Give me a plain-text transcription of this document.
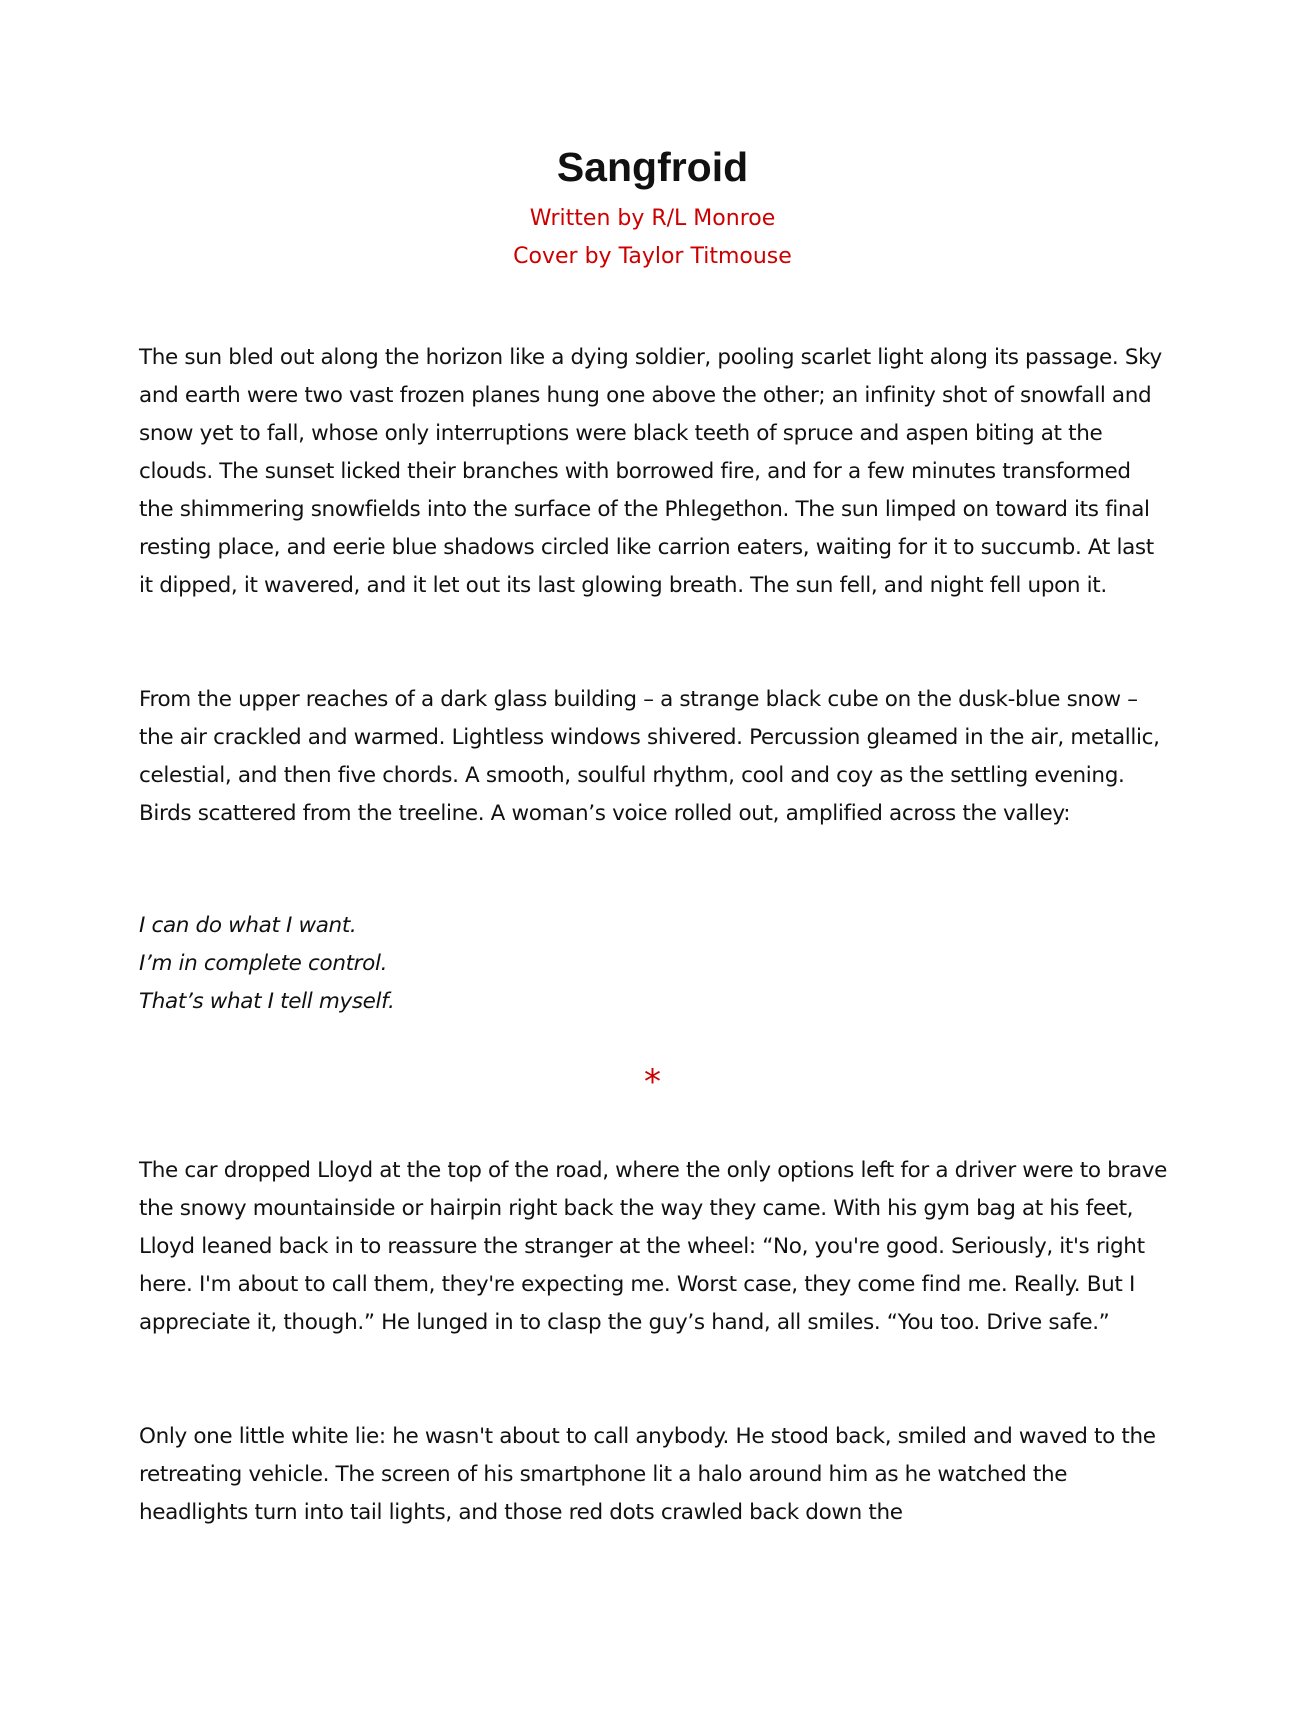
Sangfroid
Written by R/L Monroe
Cover by Taylor Titmouse

The sun bled out along the horizon like a dying soldier, pooling scarlet light along its passage. Sky and earth were two vast frozen planes hung one above the other; an infinity shot of snowfall and snow yet to fall, whose only interruptions were black teeth of spruce and aspen biting at the clouds. The sunset licked their branches with borrowed fire, and for a few minutes transformed the shimmering snowfields into the surface of the Phlegethon. The sun limped on toward its final resting place, and eerie blue shadows circled like carrion eaters, waiting for it to succumb. At last it dipped, it wavered, and it let out its last glowing breath. The sun fell, and night fell upon it.

From the upper reaches of a dark glass building – a strange black cube on the dusk-blue snow – the air crackled and warmed. Lightless windows shivered. Percussion gleamed in the air, metallic, celestial, and then five chords. A smooth, soulful rhythm, cool and coy as the settling evening. Birds scattered from the treeline. A woman’s voice rolled out, amplified across the valley:

I can do what I want.
I’m in complete control.
That’s what I tell myself.
*

The car dropped Lloyd at the top of the road, where the only options left for a driver were to brave the snowy mountainside or hairpin right back the way they came. With his gym bag at his feet, Lloyd leaned back in to reassure the stranger at the wheel: “No, you're good. Seriously, it's right here. I'm about to call them, they're expecting me. Worst case, they come find me. Really. But I appreciate it, though.” He lunged in to clasp the guy’s hand, all smiles. “You too. Drive safe.”

Only one little white lie: he wasn't about to call anybody. He stood back, smiled and waved to the retreating vehicle. The screen of his smartphone lit a halo around him as he watched the headlights turn into tail lights, and those red dots crawled back down the
